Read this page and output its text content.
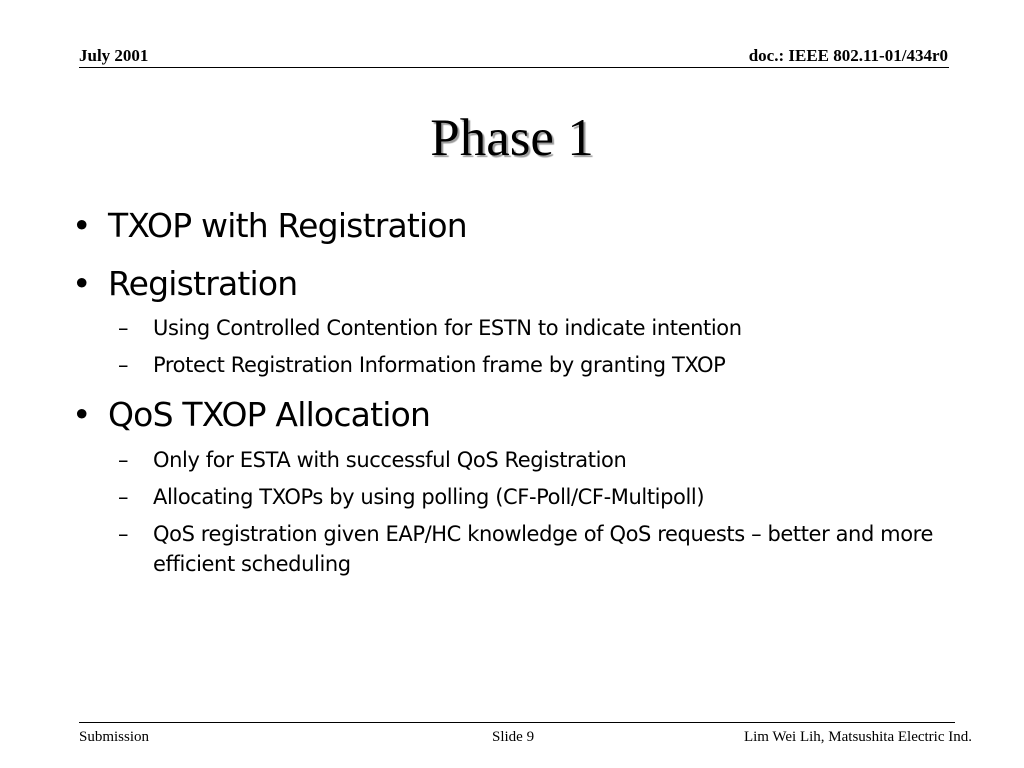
July 2001	doc.: IEEE 802.11-01/434r0
Phase 1
• TXOP with Registration
• Registration
–	Using Controlled Contention for ESTN to indicate intention
–	Protect Registration Information frame by granting TXOP
• QoS TXOP Allocation
–	Only for ESTA with successful QoS Registration
–	Allocating TXOPs by using polling (CF-Poll/CF-Multipoll)
–	QoS registration given EAP/HC knowledge of QoS requests – better and more efficient scheduling
Submission	Slide 9	Lim Wei Lih, Matsushita Electric Ind.
